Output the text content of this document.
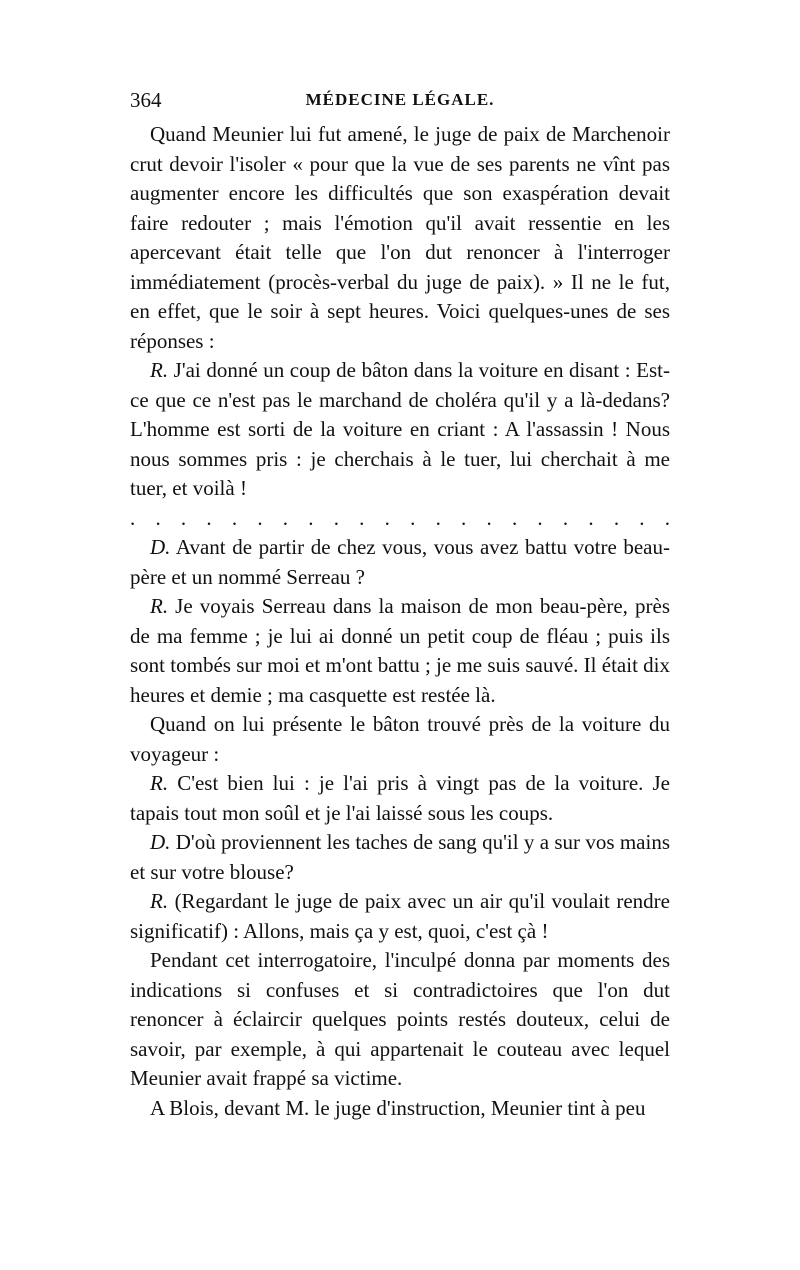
364	MÉDECINE LÉGALE.

Quand Meunier lui fut amené, le juge de paix de Marchenoir crut devoir l'isoler « pour que la vue de ses parents ne vînt pas augmenter encore les difficultés que son exaspération devait faire redouter ; mais l'émotion qu'il avait ressentie en les apercevant était telle que l'on dut renoncer à l'interroger immédiatement (procès-verbal du juge de paix). » Il ne le fut, en effet, que le soir à sept heures. Voici quelques-unes de ses réponses :

R. J'ai donné un coup de bâton dans la voiture en disant : Est-ce que ce n'est pas le marchand de choléra qu'il y a là-dedans? L'homme est sorti de la voiture en criant : A l'assassin ! Nous nous sommes pris : je cherchais à le tuer, lui cherchait à me tuer, et voilà !

. . . . . . . . . . . . . . . . . . . . . .

D. Avant de partir de chez vous, vous avez battu votre beau-père et un nommé Serreau ?

R. Je voyais Serreau dans la maison de mon beau-père, près de ma femme ; je lui ai donné un petit coup de fléau ; puis ils sont tombés sur moi et m'ont battu ; je me suis sauvé. Il était dix heures et demie ; ma casquette est restée là.

Quand on lui présente le bâton trouvé près de la voiture du voyageur :

R. C'est bien lui : je l'ai pris à vingt pas de la voiture. Je tapais tout mon soûl et je l'ai laissé sous les coups.

D. D'où proviennent les taches de sang qu'il y a sur vos mains et sur votre blouse?

R. (Regardant le juge de paix avec un air qu'il voulait rendre significatif) : Allons, mais ça y est, quoi, c'est çà !

Pendant cet interrogatoire, l'inculpé donna par moments des indications si confuses et si contradictoires que l'on dut renoncer à éclaircir quelques points restés douteux, celui de savoir, par exemple, à qui appartenait le couteau avec lequel Meunier avait frappé sa victime.

A Blois, devant M. le juge d'instruction, Meunier tint à peu
